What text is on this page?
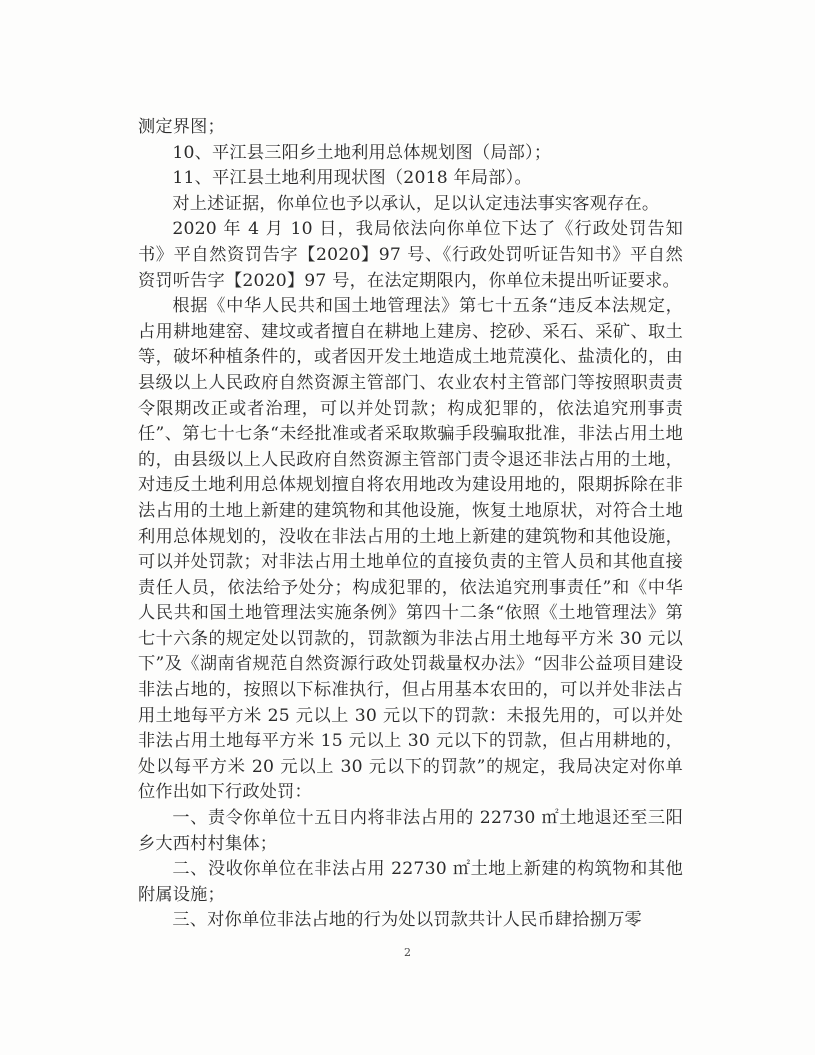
测定界图；

10、平江县三阳乡土地利用总体规划图（局部）；

11、平江县土地利用现状图（2018 年局部）。

对上述证据，你单位也予以承认，足以认定违法事实客观存在。

2020 年 4 月 10 日，我局依法向你单位下达了《行政处罚告知书》平自然资罚告字【2020】97 号、《行政处罚听证告知书》平自然资罚听告字【2020】97 号，在法定期限内，你单位未提出听证要求。

根据《中华人民共和国土地管理法》第七十五条“违反本法规定，占用耕地建窑、建坟或者擅自在耕地上建房、挖砂、采石、采矿、取土等，破坏种植条件的，或者因开发土地造成土地荒漠化、盐渍化的，由县级以上人民政府自然资源主管部门、农业农村主管部门等按照职责责令限期改正或者治理，可以并处罚款；构成犯罪的，依法追究刑事责任”、第七十七条“未经批准或者采取欺骗手段骗取批准，非法占用土地的，由县级以上人民政府自然资源主管部门责令退还非法占用的土地，对违反土地利用总体规划擅自将农用地改为建设用地的，限期拆除在非法占用的土地上新建的建筑物和其他设施，恢复土地原状，对符合土地利用总体规划的，没收在非法占用的土地上新建的建筑物和其他设施，可以并处罚款；对非法占用土地单位的直接负责的主管人员和其他直接责任人员，依法给予处分；构成犯罪的，依法追究刑事责任”和《中华人民共和国土地管理法实施条例》第四十二条“依照《土地管理法》第七十六条的规定处以罚款的，罚款额为非法占用土地每平方米 30 元以下”及《湖南省规范自然资源行政处罚裁量权办法》“因非公益项目建设非法占地的，按照以下标准执行，但占用基本农田的，可以并处非法占用土地每平方米 25 元以上 30 元以下的罚款：未报先用的，可以并处非法占用土地每平方米 15 元以上 30 元以下的罚款，但占用耕地的，处以每平方米 20 元以上 30 元以下的罚款”的规定，我局决定对你单位作出如下行政处罚：

一、责令你单位十五日内将非法占用的 22730 ㎡土地退还至三阳乡大西村村集体；

二、没收你单位在非法占用 22730 ㎡土地上新建的构筑物和其他附属设施；

三、对你单位非法占地的行为处以罚款共计人民币肆拾捌万零

2
